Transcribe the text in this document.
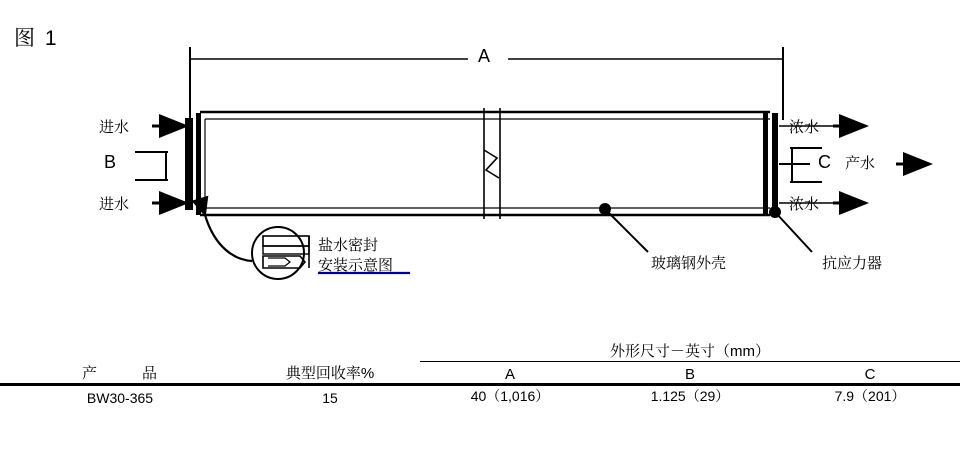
图 1
A
B	C
进水
进水
浓水
浓水
产水
盐水密封
安装示意图	玻璃钢外壳	抗应力器
		外形尺寸－英寸（mm）		
产 品	典型回收率%	A	B	C

BW30-365	15	40（1,016）	1.125（29）	7.9（201）
